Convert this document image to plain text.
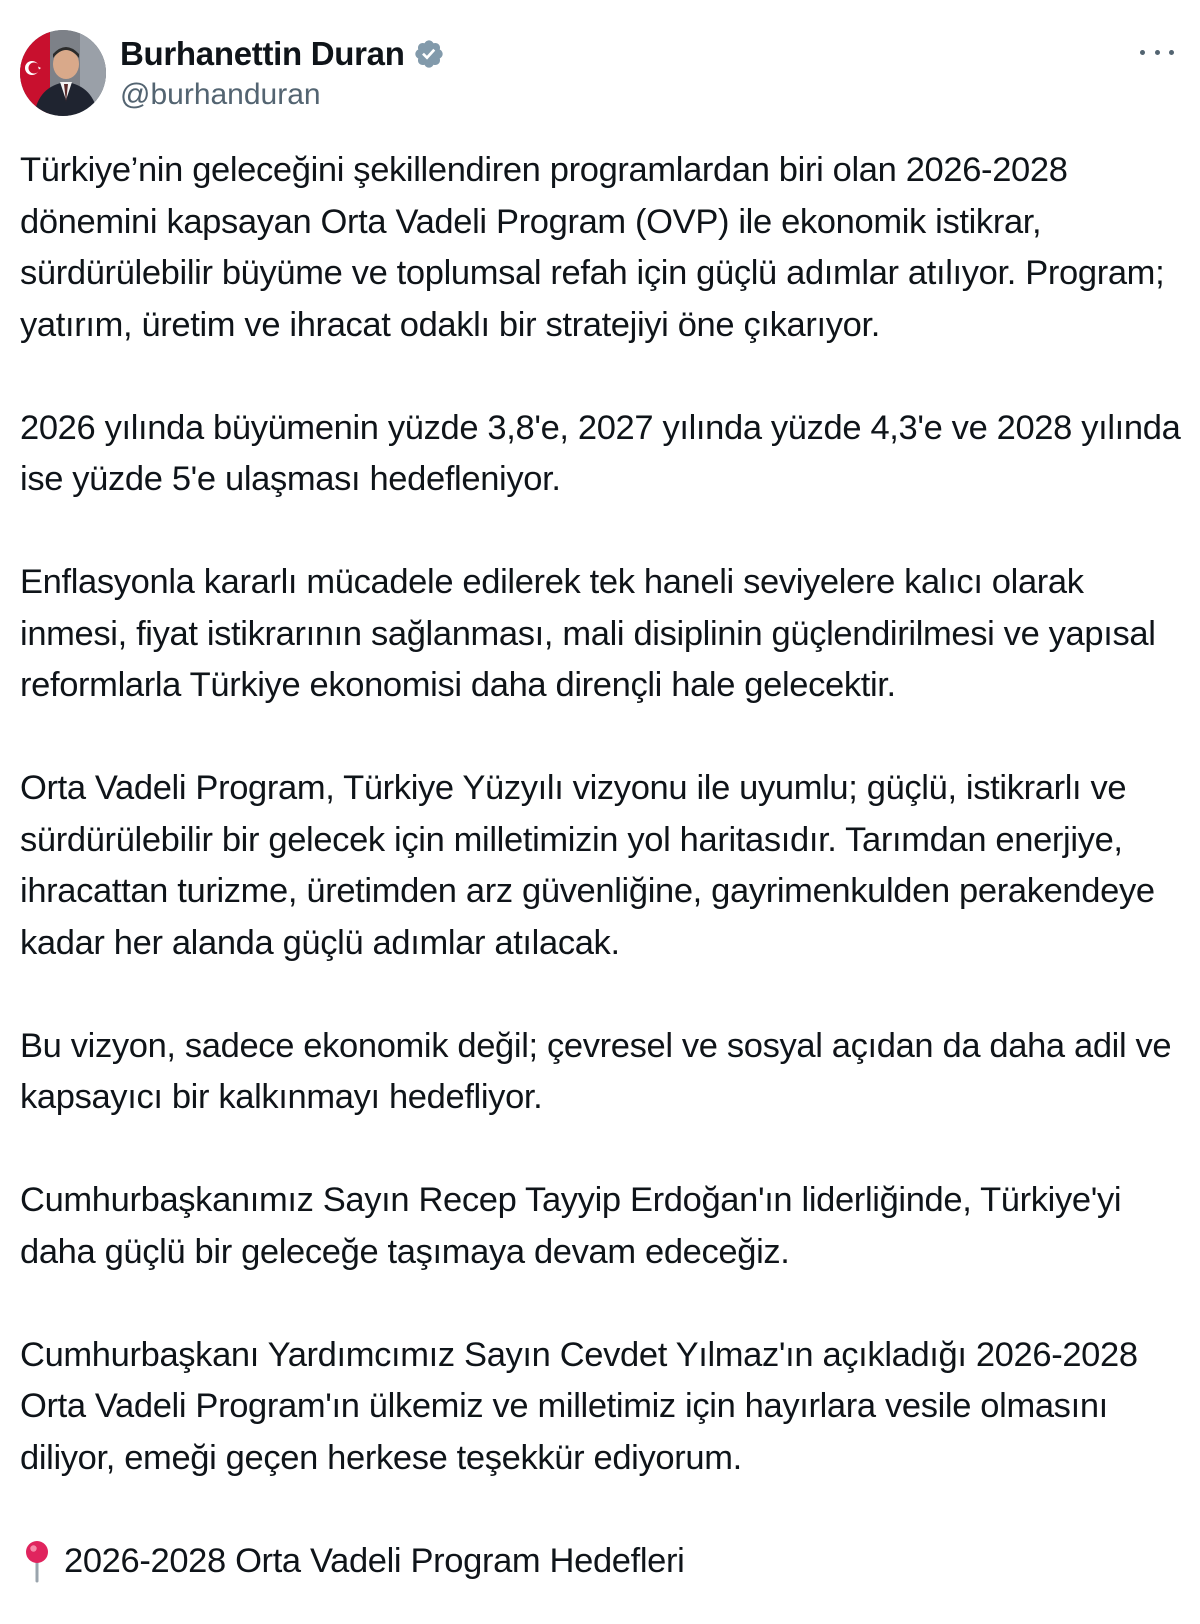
Burhanettin Duran
@burhanduran

Türkiye’nin geleceğini şekillendiren programlardan biri olan 2026-2028 dönemini kapsayan Orta Vadeli Program (OVP) ile ekonomik istikrar, sürdürülebilir büyüme ve toplumsal refah için güçlü adımlar atılıyor. Program; yatırım, üretim ve ihracat odaklı bir stratejiyi öne çıkarıyor.

2026 yılında büyümenin yüzde 3,8'e, 2027 yılında yüzde 4,3'e ve 2028 yılında ise yüzde 5'e ulaşması hedefleniyor.

Enflasyonla kararlı mücadele edilerek tek haneli seviyelere kalıcı olarak inmesi, fiyat istikrarının sağlanması, mali disiplinin güçlendirilmesi ve yapısal reformlarla Türkiye ekonomisi daha dirençli hale gelecektir.

Orta Vadeli Program, Türkiye Yüzyılı vizyonu ile uyumlu; güçlü, istikrarlı ve sürdürülebilir bir gelecek için milletimizin yol haritasıdır. Tarımdan enerjiye, ihracattan turizme, üretimden arz güvenliğine, gayrimenkulden perakendeye kadar her alanda güçlü adımlar atılacak.

Bu vizyon, sadece ekonomik değil; çevresel ve sosyal açıdan da daha adil ve kapsayıcı bir kalkınmayı hedefliyor.

Cumhurbaşkanımız Sayın Recep Tayyip Erdoğan'ın liderliğinde, Türkiye'yi daha güçlü bir geleceğe taşımaya devam edeceğiz.

Cumhurbaşkanı Yardımcımız Sayın Cevdet Yılmaz'ın açıkladığı 2026-2028 Orta Vadeli Program'ın ülkemiz ve milletimiz için hayırlara vesile olmasını diliyor, emeği geçen herkese teşekkür ediyorum.

2026-2028 Orta Vadeli Program Hedefleri
